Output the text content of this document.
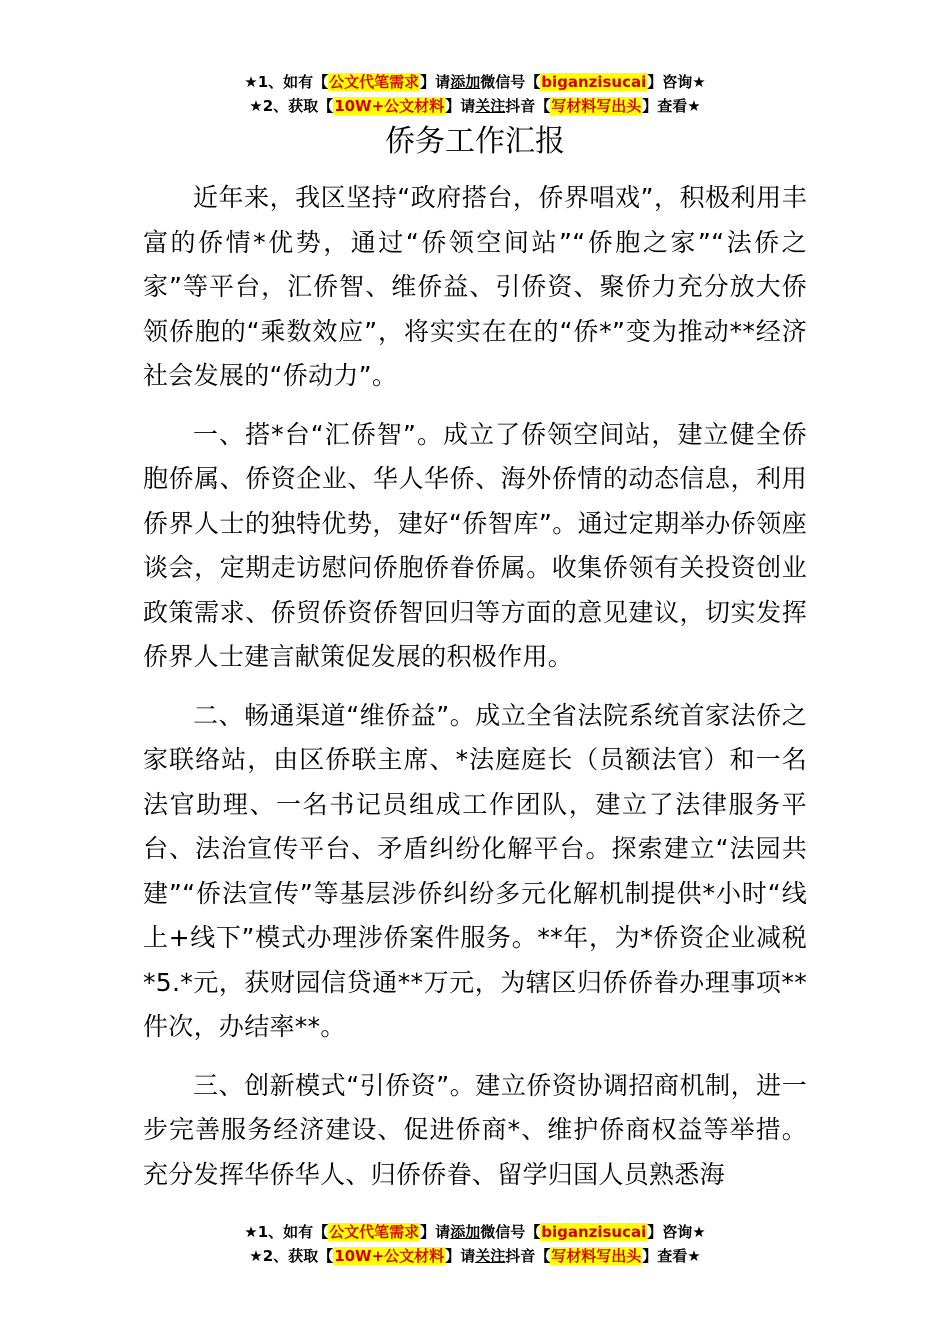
★1、如有【公文代笔需求】请添加微信号【biganzisucai】咨询★
★2、获取【10W+公文材料】请关注抖音【写材料写出头】查看★
侨务工作汇报

近年来，我区坚持“政府搭台，侨界唱戏”，积极利用丰富的侨情*优势，通过“侨领空间站”“侨胞之家”“法侨之家”等平台，汇侨智、维侨益、引侨资、聚侨力充分放大侨领侨胞的“乘数效应”，将实实在在的“侨*”变为推动**经济社会发展的“侨动力”。

一、搭*台“汇侨智”。成立了侨领空间站，建立健全侨胞侨属、侨资企业、华人华侨、海外侨情的动态信息，利用侨界人士的独特优势，建好“侨智库”。通过定期举办侨领座谈会，定期走访慰问侨胞侨眷侨属。收集侨领有关投资创业政策需求、侨贸侨资侨智回归等方面的意见建议，切实发挥侨界人士建言献策促发展的积极作用。

二、畅通渠道“维侨益”。成立全省法院系统首家法侨之家联络站，由区侨联主席、*法庭庭长（员额法官）和一名法官助理、一名书记员组成工作团队，建立了法律服务平台、法治宣传平台、矛盾纠纷化解平台。探索建立“法园共建”“侨法宣传”等基层涉侨纠纷多元化解机制提供*小时“线上+线下”模式办理涉侨案件服务。**年，为*侨资企业减税*5.*元，获财园信贷通**万元，为辖区归侨侨眷办理事项**件次，办结率**。

三、创新模式“引侨资”。建立侨资协调招商机制，进一步完善服务经济建设、促进侨商*、维护侨商权益等举措。充分发挥华侨华人、归侨侨眷、留学归国人员熟悉海

★1、如有【公文代笔需求】请添加微信号【biganzisucai】咨询★
★2、获取【10W+公文材料】请关注抖音【写材料写出头】查看★
